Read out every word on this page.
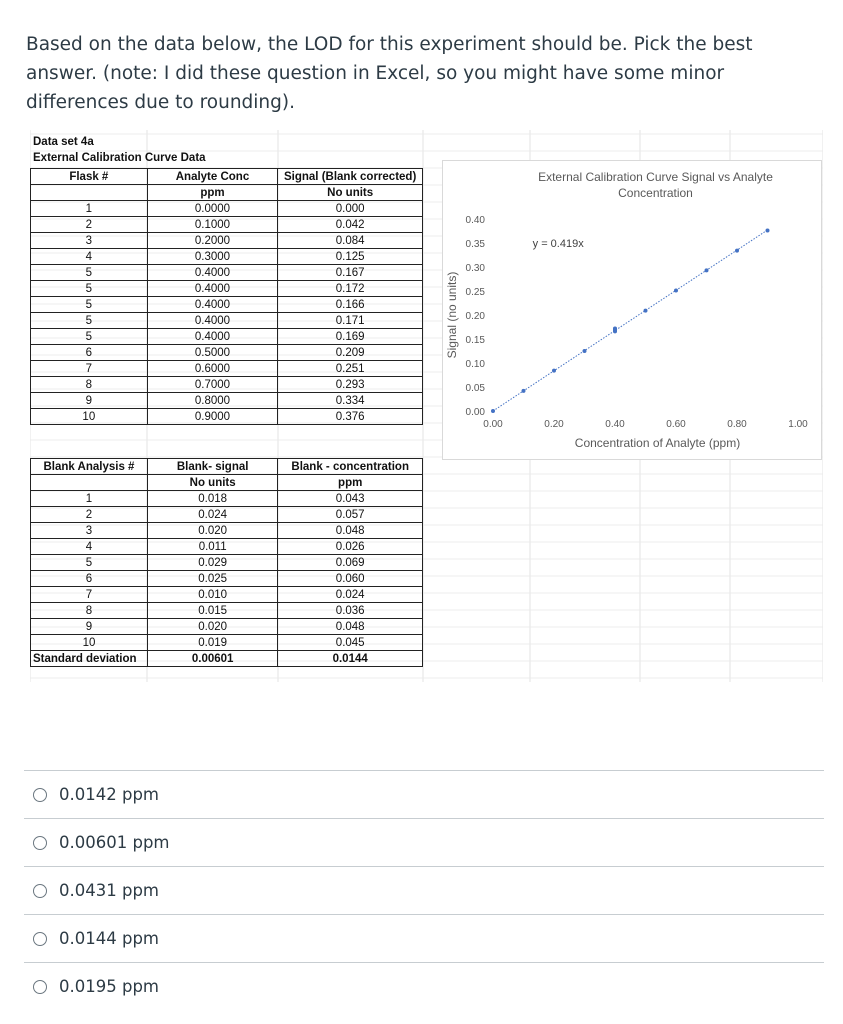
Based on the data below, the LOD for this experiment should be. Pick the best answer. (note: I did these question in Excel, so you might have some minor differences due to rounding).

Data set 4a
External Calibration Curve Data
Flask #	Analyte Conc	Signal (Blank corrected)
	ppm	No units
1	0.0000	0.000
2	0.1000	0.042
3	0.2000	0.084
4	0.3000	0.125
5	0.4000	0.167
5	0.4000	0.172
5	0.4000	0.166
5	0.4000	0.171
5	0.4000	0.169
6	0.5000	0.209
7	0.6000	0.251
8	0.7000	0.293
9	0.8000	0.334
10	0.9000	0.376
Blank Analysis #	Blank- signal	Blank - concentration
	No units	ppm
1	0.018	0.043
2	0.024	0.057
3	0.020	0.048
4	0.011	0.026
5	0.029	0.069
6	0.025	0.060
7	0.010	0.024
8	0.015	0.036
9	0.020	0.048
10	0.019	0.045
Standard deviation	0.00601	0.0144
External Calibration Curve Signal vs Analyte
Concentration
0.00
0.05
0.10
0.15
0.20
0.25
0.30
0.35
0.40
0.00	0.20	0.40	0.60	0.80	1.00
Concentration of Analyte (ppm)
Signal (no units)
y = 0.419x
0.0142 ppm
0.00601 ppm
0.0431 ppm
0.0144 ppm
0.0195 ppm
